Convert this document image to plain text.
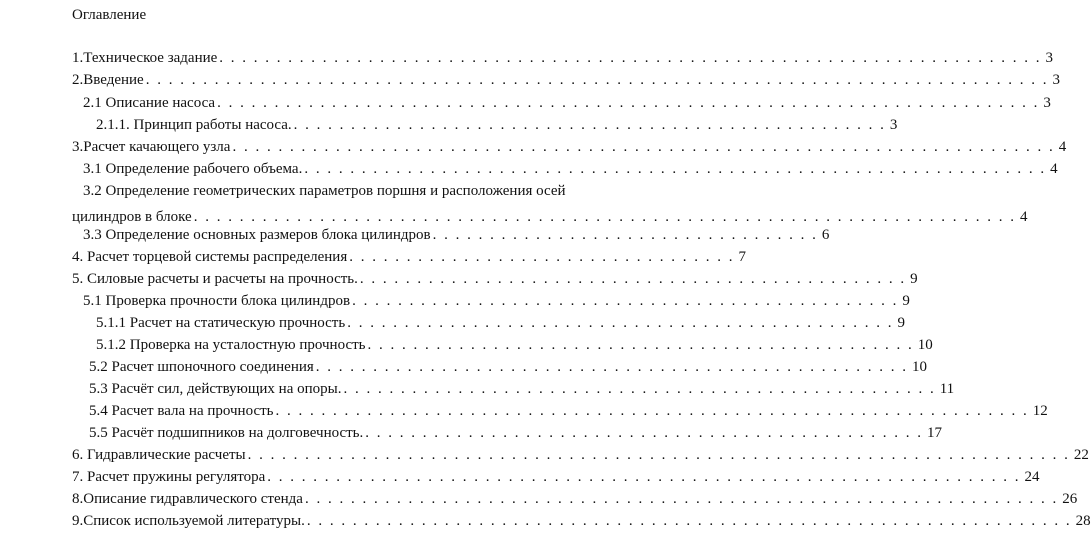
Оглавление
1.Техническое задание . . . . . . . . . . . . . . . . . . . . . . . . . . . . . . . . . . . . . . . . . . . . . . . . . . . . . . . . . . . . . . . . . . . . . . . . 3
2.Введение . . . . . . . . . . . . . . . . . . . . . . . . . . . . . . . . . . . . . . . . . . . . . . . . . . . . . . . . . . . . . . . . . . . . . . . . . . . . . . . 3
2.1 Описание насоса . . . . . . . . . . . . . . . . . . . . . . . . . . . . . . . . . . . . . . . . . . . . . . . . . . . . . . . . . . . . . . . . . . . . . . . . 3
2.1.1. Принцип работы насоса. . . . . . . . . . . . . . . . . . . . . . . . . . . . . . . . . . . . . . . . . . . . . . . . . . . . . 3
3.Расчет качающего узла . . . . . . . . . . . . . . . . . . . . . . . . . . . . . . . . . . . . . . . . . . . . . . . . . . . . . . . . . . . . . . . . . . . . . . . . 4
3.1 Определение рабочего объема. . . . . . . . . . . . . . . . . . . . . . . . . . . . . . . . . . . . . . . . . . . . . . . . . . . . . . . . . . . . . . . . . . 4
3.2 Определение геометрических параметров поршня и расположения осей
цилиндров в блоке . . . . . . . . . . . . . . . . . . . . . . . . . . . . . . . . . . . . . . . . . . . . . . . . . . . . . . . . . . . . . . . . . . . . . . . . 4
3.3 Определение основных размеров блока цилиндров . . . . . . . . . . . . . . . . . . . . . . . . . . . . . . . . . . 6
4. Расчет торцевой системы распределения . . . . . . . . . . . . . . . . . . . . . . . . . . . . . . . . . . 7
5. Силовые расчеты и расчеты на прочность. . . . . . . . . . . . . . . . . . . . . . . . . . . . . . . . . . . . . . . . . . . . . . . . . 9
5.1 Проверка прочности блока цилиндров . . . . . . . . . . . . . . . . . . . . . . . . . . . . . . . . . . . . . . . . . . . . . . . . 9
5.1.1 Расчет на статическую прочность . . . . . . . . . . . . . . . . . . . . . . . . . . . . . . . . . . . . . . . . . . . . . . . . 9
5.1.2 Проверка на усталостную прочность . . . . . . . . . . . . . . . . . . . . . . . . . . . . . . . . . . . . . . . . . . . . . . . . 10
5.2 Расчет шпоночного соединения . . . . . . . . . . . . . . . . . . . . . . . . . . . . . . . . . . . . . . . . . . . . . . . . . . . . 10
5.3 Расчёт сил, действующих на опоры. . . . . . . . . . . . . . . . . . . . . . . . . . . . . . . . . . . . . . . . . . . . . . . . . . . . . 11
5.4 Расчет вала на прочность . . . . . . . . . . . . . . . . . . . . . . . . . . . . . . . . . . . . . . . . . . . . . . . . . . . . . . . . . . . . . . . . . . 12
5.5 Расчёт подшипников на долговечность. . . . . . . . . . . . . . . . . . . . . . . . . . . . . . . . . . . . . . . . . . . . . . . . . . 17
6. Гидравлические расчеты . . . . . . . . . . . . . . . . . . . . . . . . . . . . . . . . . . . . . . . . . . . . . . . . . . . . . . . . . . . . . . . . . . . . . . . . 22
7. Расчет пружины регулятора . . . . . . . . . . . . . . . . . . . . . . . . . . . . . . . . . . . . . . . . . . . . . . . . . . . . . . . . . . . . . . . . . . 24
8.Описание гидравлического стенда . . . . . . . . . . . . . . . . . . . . . . . . . . . . . . . . . . . . . . . . . . . . . . . . . . . . . . . . . . . . . . . . . . 26
9.Список используемой литературы. . . . . . . . . . . . . . . . . . . . . . . . . . . . . . . . . . . . . . . . . . . . . . . . . . . . . . . . . . . . . . . . . . . . 28
